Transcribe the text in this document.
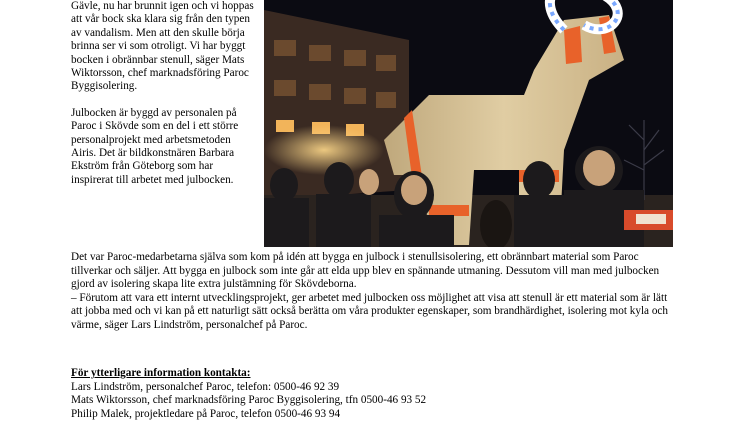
Gävle, nu har brunnit igen och vi hoppas att vår bock ska klara sig från den typen av vandalism. Men att den skulle börja brinna ser vi som otroligt. Vi har byggt bocken i obrännbar stenull, säger Mats Wiktorsson, chef marknadsföring Paroc Byggisolering.

Julbocken är byggd av personalen på Paroc i Skövde som en del i ett större personalprojekt med arbetsmetoden Airis. Det är bildkonstnären Barbara Ekström från Göteborg som har inspirerat till arbetet med julbocken.

Det var Paroc-medarbetarna själva som kom på idén att bygga en julbock i stenullsisolering, ett obrännbart material som Paroc tillverkar och säljer. Att bygga en julbock som inte går att elda upp blev en spännande utmaning. Dessutom vill man med julbocken gjord av isolering skapa lite extra julstämning för Skövdeborna.

– Förutom att vara ett internt utvecklingsprojekt, ger arbetet med julbocken oss möjlighet att visa att stenull är ett material som är lätt att jobba med och vi kan på ett naturligt sätt också berätta om våra produkter egenskaper, som brandhärdighet, isolering mot kyla och värme, säger Lars Lindström, personalchef på Paroc.

För ytterligare information kontakta:
Lars Lindström, personalchef Paroc, telefon: 0500-46 92 39
Mats Wiktorsson, chef marknadsföring Paroc Byggisolering, tfn 0500-46 93 52
Philip Malek, projektledare på Paroc, telefon 0500-46 93 94
